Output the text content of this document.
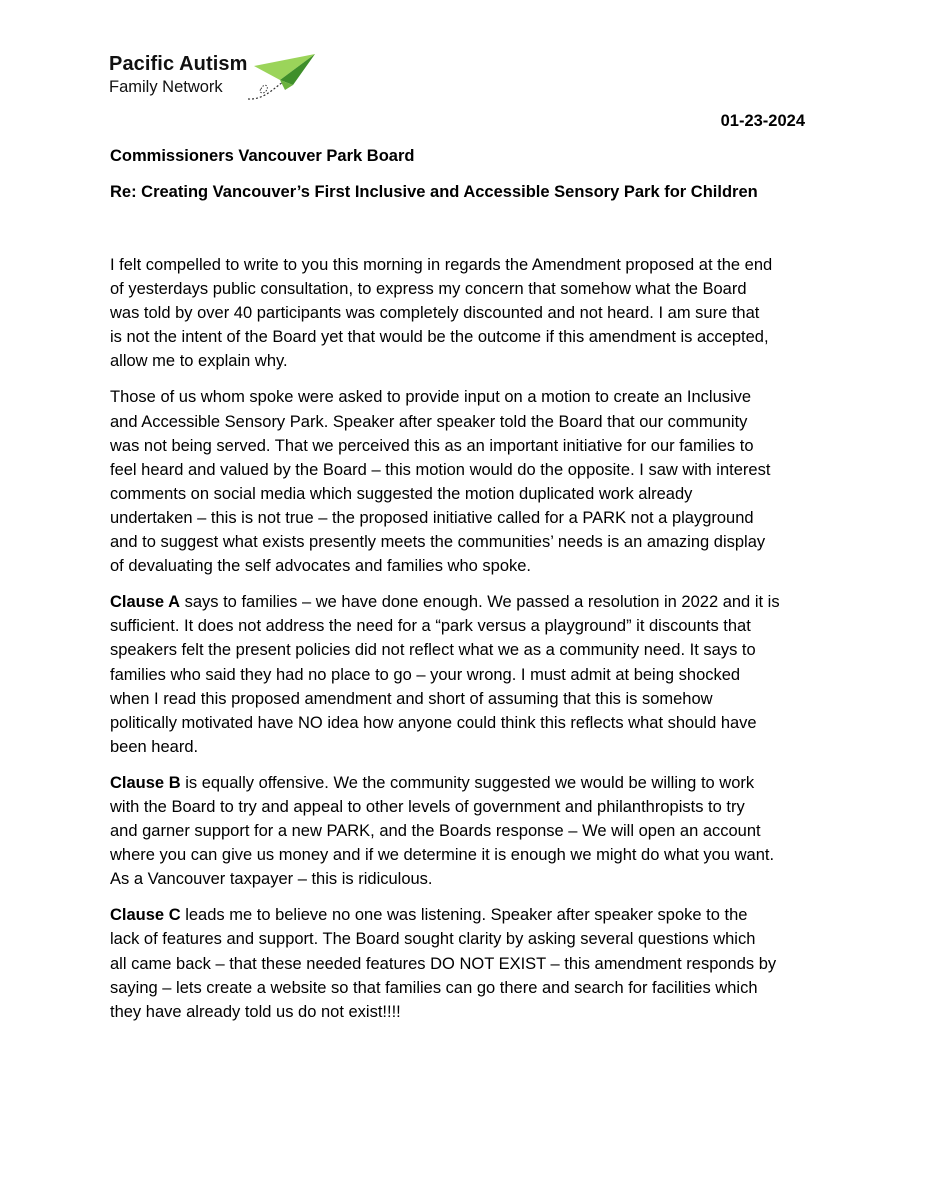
Pacific Autism
Family Network
01-23-2024
Commissioners Vancouver Park Board
Re: Creating Vancouver’s First Inclusive and Accessible Sensory Park for Children

I felt compelled to write to you this morning in regards the Amendment proposed at the end
of yesterdays public consultation, to express my concern that somehow what the Board
was told by over 40 participants was completely discounted and not heard. I am sure that
is not the intent of the Board yet that would be the outcome if this amendment is accepted,
allow me to explain why.

Those of us whom spoke were asked to provide input on a motion to create an Inclusive
and Accessible Sensory Park. Speaker after speaker told the Board that our community
was not being served. That we perceived this as an important initiative for our families to
feel heard and valued by the Board – this motion would do the opposite. I saw with interest
comments on social media which suggested the motion duplicated work already
undertaken – this is not true – the proposed initiative called for a PARK not a playground
and to suggest what exists presently meets the communities’ needs is an amazing display
of devaluating the self advocates and families who spoke.

Clause A says to families – we have done enough. We passed a resolution in 2022 and it is
sufficient. It does not address the need for a “park versus a playground” it discounts that
speakers felt the present policies did not reflect what we as a community need. It says to
families who said they had no place to go – your wrong. I must admit at being shocked
when I read this proposed amendment and short of assuming that this is somehow
politically motivated have NO idea how anyone could think this reflects what should have
been heard.

Clause B is equally offensive. We the community suggested we would be willing to work
with the Board to try and appeal to other levels of government and philanthropists to try
and garner support for a new PARK, and the Boards response – We will open an account
where you can give us money and if we determine it is enough we might do what you want.
As a Vancouver taxpayer – this is ridiculous.

Clause C leads me to believe no one was listening. Speaker after speaker spoke to the
lack of features and support. The Board sought clarity by asking several questions which
all came back – that these needed features DO NOT EXIST – this amendment responds by
saying – lets create a website so that families can go there and search for facilities which
they have already told us do not exist!!!!
